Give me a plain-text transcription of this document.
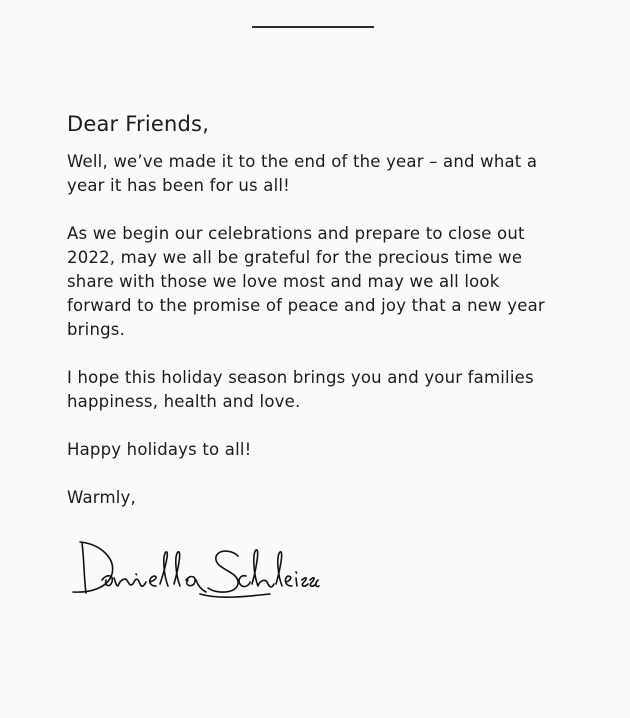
Dear Friends,

Well, we’ve made it to the end of the year – and what a year it has been for us all!

As we begin our celebrations and prepare to close out 2022, may we all be grateful for the precious time we share with those we love most and may we all look forward to the promise of peace and joy that a new year brings.

I hope this holiday season brings you and your families happiness, health and love.

Happy holidays to all!

Warmly,
